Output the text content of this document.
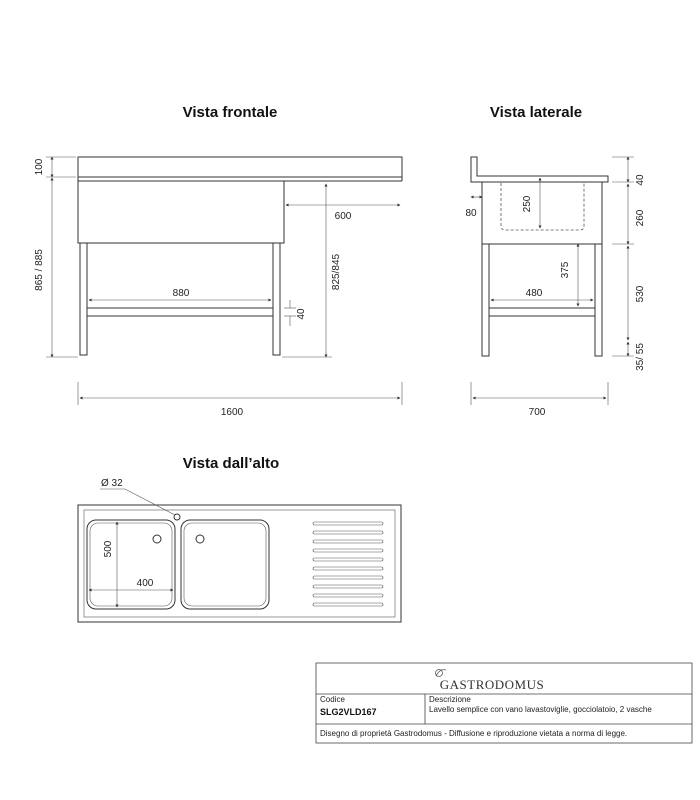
Vista frontale
100
865 / 885
600
825/845
880
40
1600
Vista laterale
80
250
375
480
40
260
530
35/ 55
700
Vista dall’alto
Ø 32
500
400
GASTRODOMUS
Codice
SLG2VLD167
Descrizione
Lavello semplice con vano lavastoviglie, gocciolatoio, 2 vasche
Disegno di proprietà Gastrodomus - Diffusione e riproduzione vietata a norma di legge.
